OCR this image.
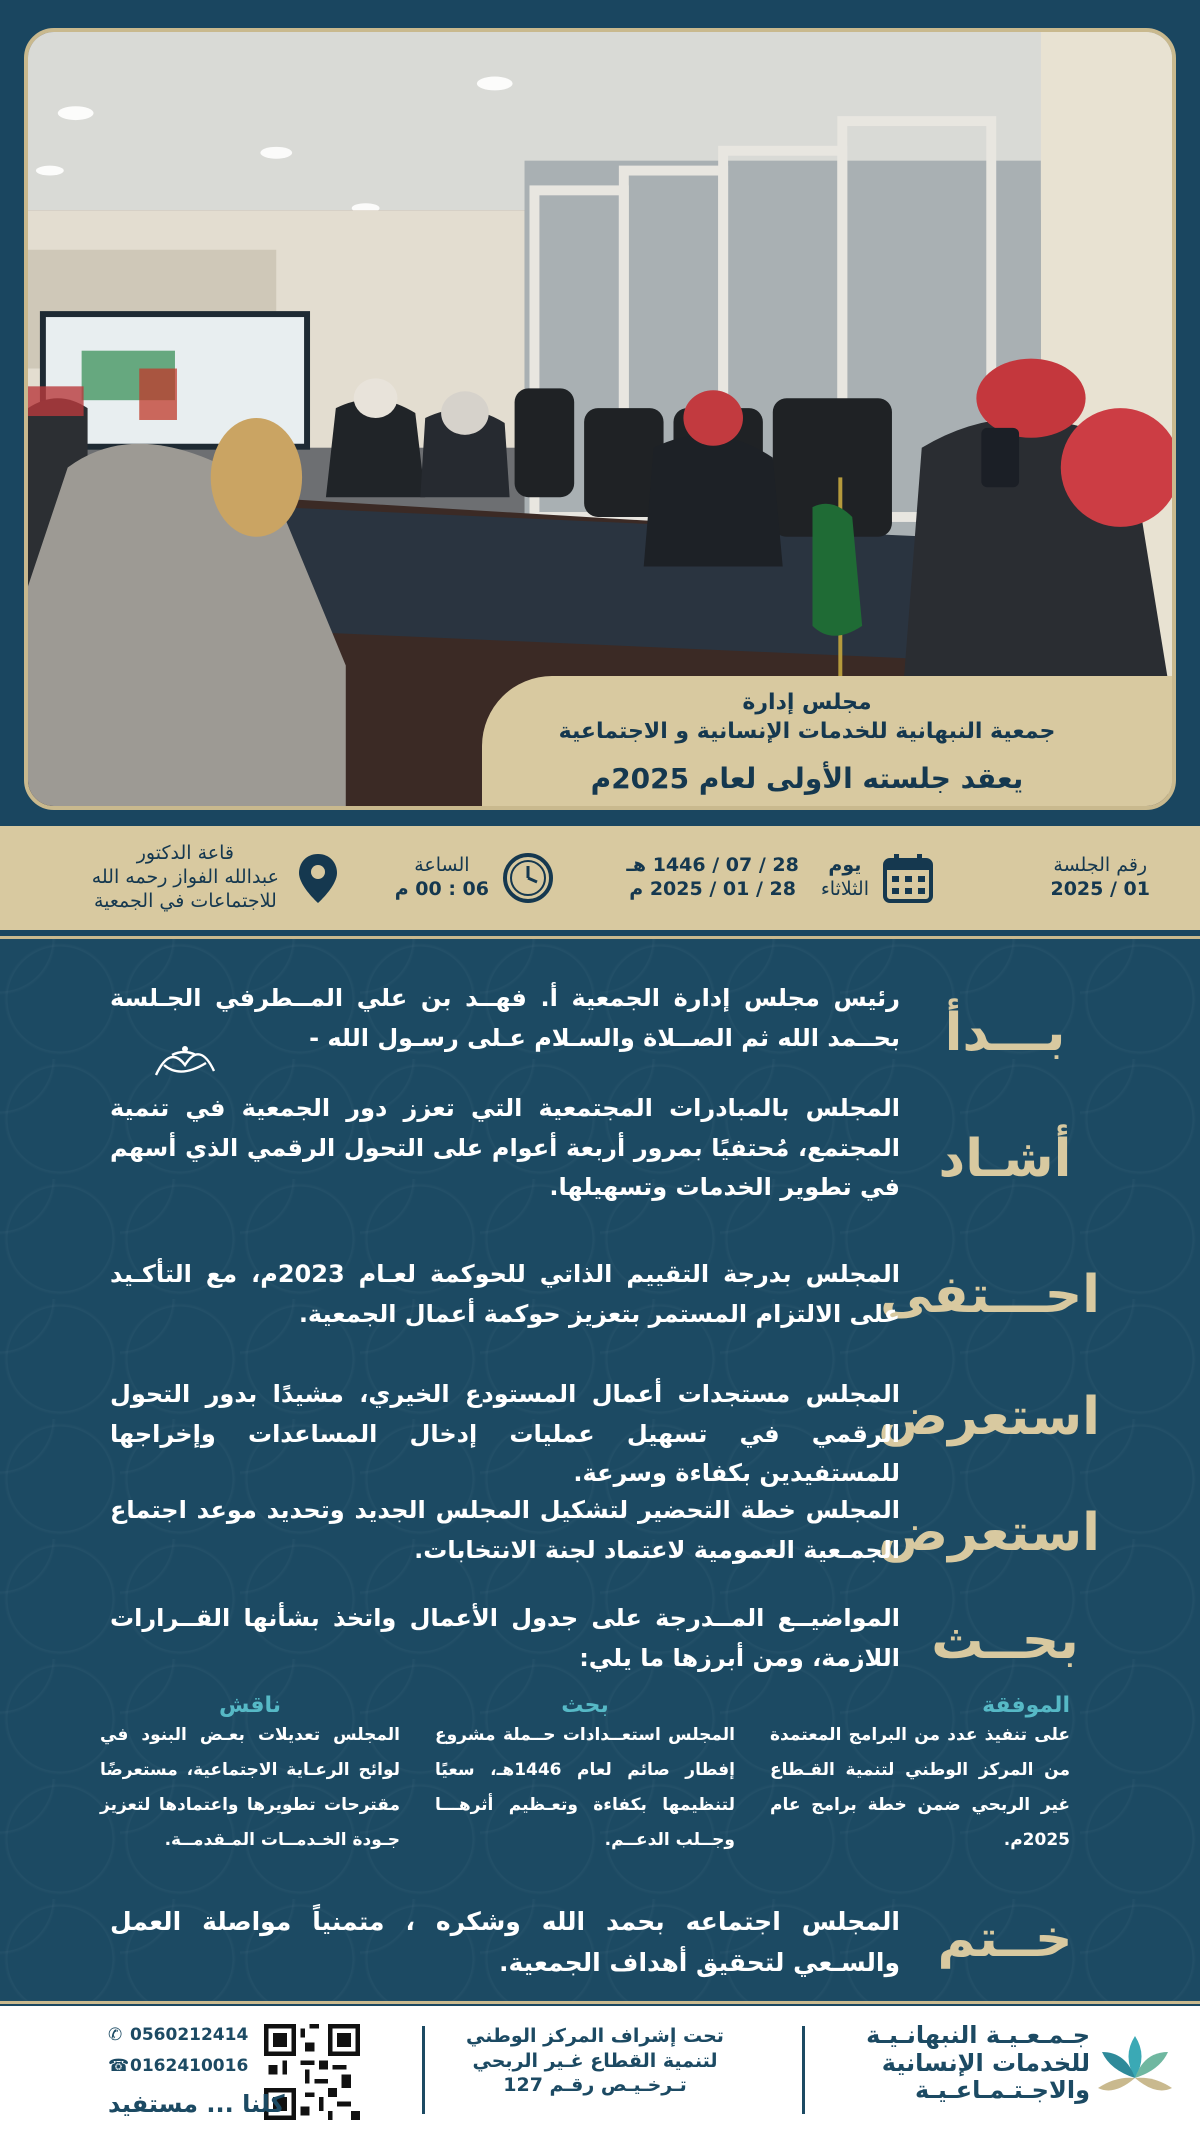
مجلس إدارة
جمعية النبهانية للخدمات الإنسانية و الاجتماعية
يعقد جلسته الأولى لعام 2025م
رقم الجلسة
01 / 2025
يوم
الثلاثاء
28 / 07 / 1446 هـ
28 / 01 / 2025 م
الساعة
06 : 00 م
قاعة الدكتور
عبدالله الفواز رحمه الله
للاجتماعات في الجمعية
بـــدأ
رئيس مجلس إدارة الجمعية أ. فهــد بن علي المــطرفي الجـلسة بحــمد الله ثم الصــلاة والسـلام عـلى رسـول الله -
أشـاد
المجلس بالمبادرات المجتمعية التي تعزز دور الجمعية في تنمية المجتمع، مُحتفيًا بمرور أربعة أعوام على التحول الرقمي الذي أسهم في تطوير الخدمات وتسهيلها.
احـــتفى
المجلس بدرجة التقييم الذاتي للحوكمة لعـام 2023م، مع التأكـيد على الالتزام المستمر بتعزيز حوكمة أعمال الجمعية.
استعرض
المجلس مستجدات أعمال المستودع الخيري، مشيدًا بدور التحول الرقمي في تسهيل عمليات إدخال المساعدات وإخراجها للمستفيدين بكفاءة وسرعة.
استعرض
المجلس خطة التحضير لتشكيل المجلس الجديد وتحديد موعد اجتماع الجمـعية العمومية لاعتماد لجنة الانتخابات.
بحــث
المواضيــع المــدرجة على جدول الأعمال واتخذ بشأنها القــرارات اللازمة، ومن أبرزها ما يلي:
الموفقة
على تنفيذ عدد من البرامج المعتمدة من المركز الوطني لتنمية القـطاع غير الربحي ضمن خطة برامج عام 2025م.
بحث
المجلس استعــدادات حــملة مشروع إفطار صائم لعام 1446هـ، سعيًا لتنظيمها بكفاءة وتعـظيم أثرهـــا وجــلب الدعــم.
ناقش
المجلس تعديلات بعـض البنود في لوائح الرعـاية الاجتماعية، مستعرضًا مقترحات تطويرها واعتمادها لتعزيز جـودة الخـدمــات المـقدمــة.
خــتم
المجلس اجتماعه بحمد الله وشكره ، متمنياً مواصلة العمل والسـعي لتحقيق أهداف الجمعية.
جـمـعـيـة النبهانـيـة
للخدمات الإنسانية
والاجـتـمـاعـيـة
تحت إشراف المركز الوطني
لتنمية القطاع غـير الربحي
تـرخـيـص رقـم 127
✆ 0560212414
☎0162410016
كلنا ... مستفيد
